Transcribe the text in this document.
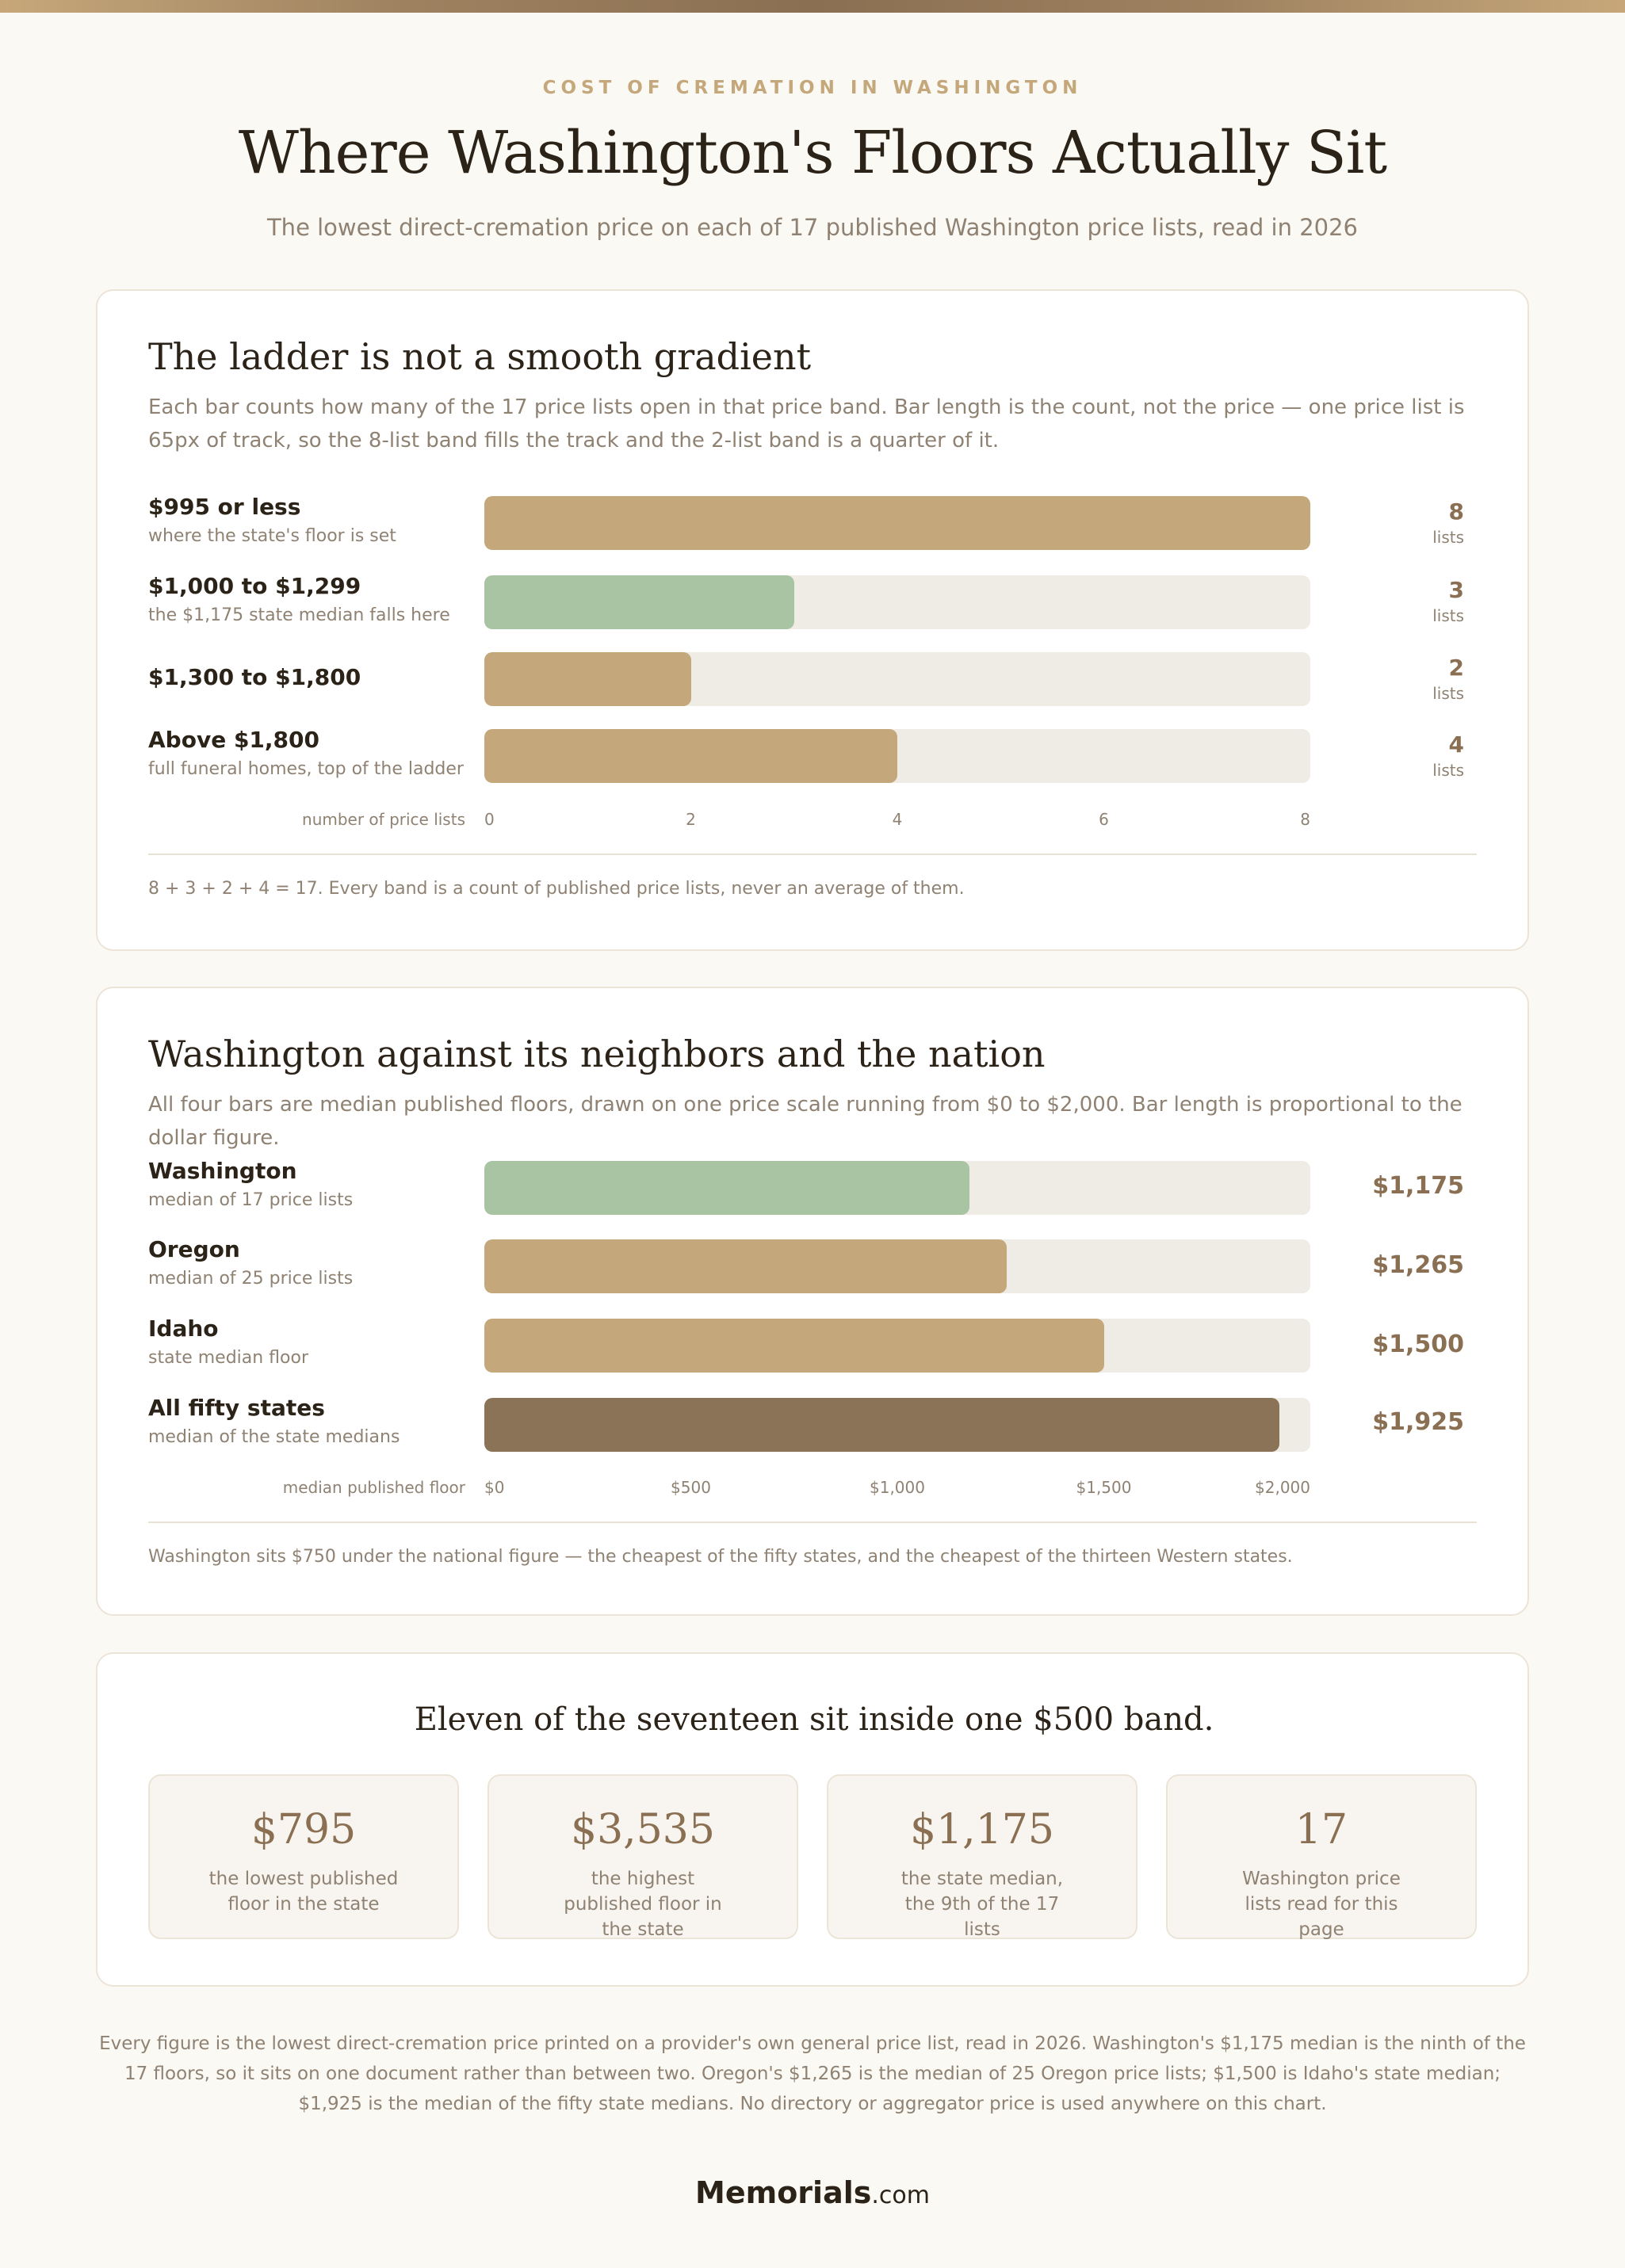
COST OF CREMATION IN WASHINGTON
Where Washington's Floors Actually Sit
The lowest direct-cremation price on each of 17 published Washington price lists, read in 2026
The ladder is not a smooth gradient
Each bar counts how many of the 17 price lists open in that price band. Bar length is the count, not the price — one price list is 65px of track, so the 8-list band fills the track and the 2-list band is a quarter of it.
$995 or less
where the state's floor is set
8
lists
$1,000 to $1,299
the $1,175 state median falls here
3
lists
$1,300 to $1,800	2
lists
Above $1,800
full funeral homes, top of the ladder
4
lists
number of price lists 0	2	4	6	8
8 + 3 + 2 + 4 = 17. Every band is a count of published price lists, never an average of them.
Washington against its neighbors and the nation
All four bars are median published floors, drawn on one price scale running from $0 to $2,000. Bar length is proportional to the dollar figure.
Washington
median of 17 price lists
$1,175
Oregon
median of 25 price lists	$1,265
Idaho
state median floor	$1,500
All fifty states
median of the state medians
$1,925
median published floor $0	$500	$1,000	$1,500	$2,000
Washington sits $750 under the national figure — the cheapest of the fifty states, and the cheapest of the thirteen Western states.
Eleven of the seventeen sit inside one $500 band.
$795
the lowest published floor in the state
$3,535
the highest published floor in the state
$1,175
the state median, the 9th of the 17 lists
17
Washington price lists read for this page
Every figure is the lowest direct-cremation price printed on a provider's own general price list, read in 2026. Washington's $1,175 median is the ninth of the 17 floors, so it sits on one document rather than between two. Oregon's $1,265 is the median of 25 Oregon price lists; $1,500 is Idaho's state median; $1,925 is the median of the fifty state medians. No directory or aggregator price is used anywhere on this chart.
Memorials.com
